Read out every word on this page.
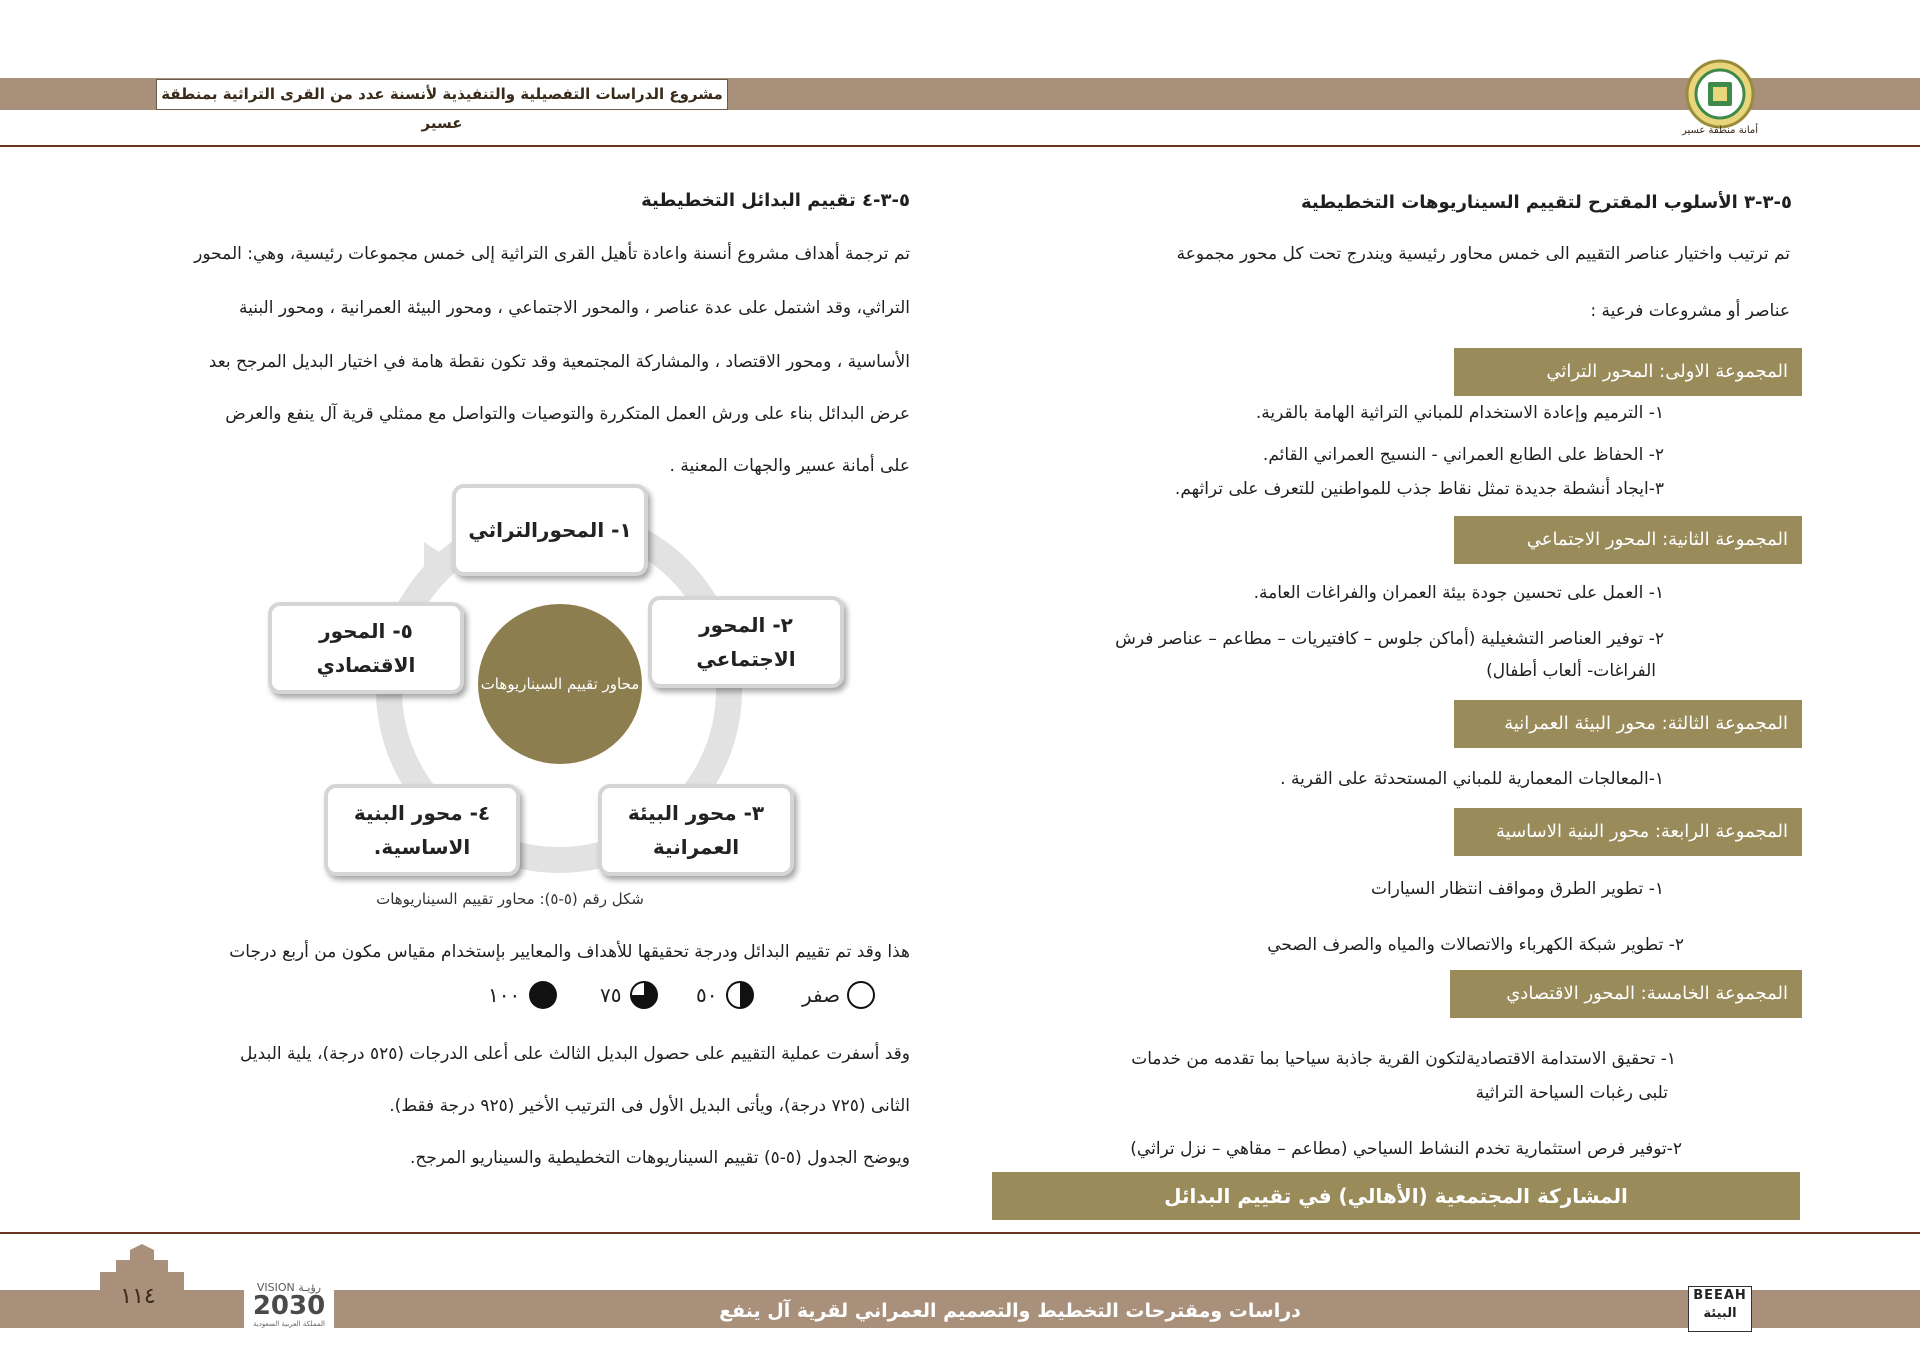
مشروع الدراسات التفصيلية والتنفيذية لأنسنة عدد من القرى التراثية بمنطقة عسير	أمانة منطقة عسير
٥-٣-٣ الأسلوب المقترح لتقييم السيناريوهات التخطيطية
تم ترتيب واختيار عناصر التقييم الى خمس محاور رئيسية ويندرج تحت كل محور مجموعة
عناصر أو مشروعات فرعية :
المجموعة الاولى: المحور التراثي
١- الترميم وإعادة الاستخدام للمباني التراثية الهامة بالقرية.
٢- الحفاظ على الطابع العمراني - النسيج العمراني القائم.
٣-ايجاد أنشطة جديدة تمثل نقاط جذب للمواطنين للتعرف على تراثهم.
المجموعة الثانية: المحور الاجتماعي
١- العمل على تحسين جودة بيئة العمران والفراغات العامة.
٢- توفير العناصر التشغيلية (أماكن جلوس – كافتيريات – مطاعم – عناصر فرش
الفراغات- ألعاب أطفال)
المجموعة الثالثة: محور البيئة العمرانية
١-المعالجات المعمارية للمباني المستحدثة على القرية .
المجموعة الرابعة: محور البنية الاساسية
١- تطوير الطرق ومواقف انتظار السيارات
٢- تطوير شبكة الكهرباء والاتصالات والمياه والصرف الصحي
المجموعة الخامسة: المحور الاقتصادي
١- تحقيق الاستدامة الاقتصاديةلتكون القرية جاذبة سياحيا بما تقدمه من خدمات
تلبى رغبات السياحة التراثية
٢-توفير فرص استثمارية تخدم النشاط السياحي (مطاعم – مقاهي – نزل تراثي)
المشاركة المجتمعية (الأهالي) في تقييم البدائل
٥-٣-٤ تقييم البدائل التخطيطية
تم ترجمة أهداف مشروع أنسنة واعادة تأهيل القرى التراثية إلى خمس مجموعات رئيسية، وهي: المحور
التراثي، وقد اشتمل على عدة عناصر ، والمحور الاجتماعي ، ومحور البيئة العمرانية ، ومحور البنية
الأساسية ، ومحور الاقتصاد ، والمشاركة المجتمعية وقد تكون نقطة هامة في اختيار البديل المرجح بعد
عرض البدائل بناء على ورش العمل المتكررة والتوصيات والتواصل مع ممثلي قرية آل ينفع والعرض
على أمانة عسير والجهات المعنية .
محاور تقييم السيناريوهات
١- المحورالتراثي
٢- المحور الاجتماعي
٣- محور البيئة العمرانية
٤- محور البنية الاساسية.
٥- المحور الاقتصادي
شكل رقم (٥-٥): محاور تقييم السيناريوهات
هذا وقد تم تقييم البدائل ودرجة تحقيقها للأهداف والمعايير بإستخدام مقياس مكون من أربع درجات
صفر
٥٠
٧٥
١٠٠
وقد أسفرت عملية التقييم على حصول البديل الثالث على أعلى الدرجات (٥٢٥ درجة)، يلية البديل
الثانى (٧٢٥ درجة)، ويأتى البديل الأول فى الترتيب الأخير (٩٢٥ درجة فقط).
ويوضح الجدول (٥-٥) تقييم السيناريوهات التخطيطية والسيناريو المرجح.
١١٤	VISION رؤيـة
2030
المملكة العربية السعودية
دراسات ومقترحات التخطيط والتصميم العمراني لقرية آل ينفع
BEEAH
البيئة
